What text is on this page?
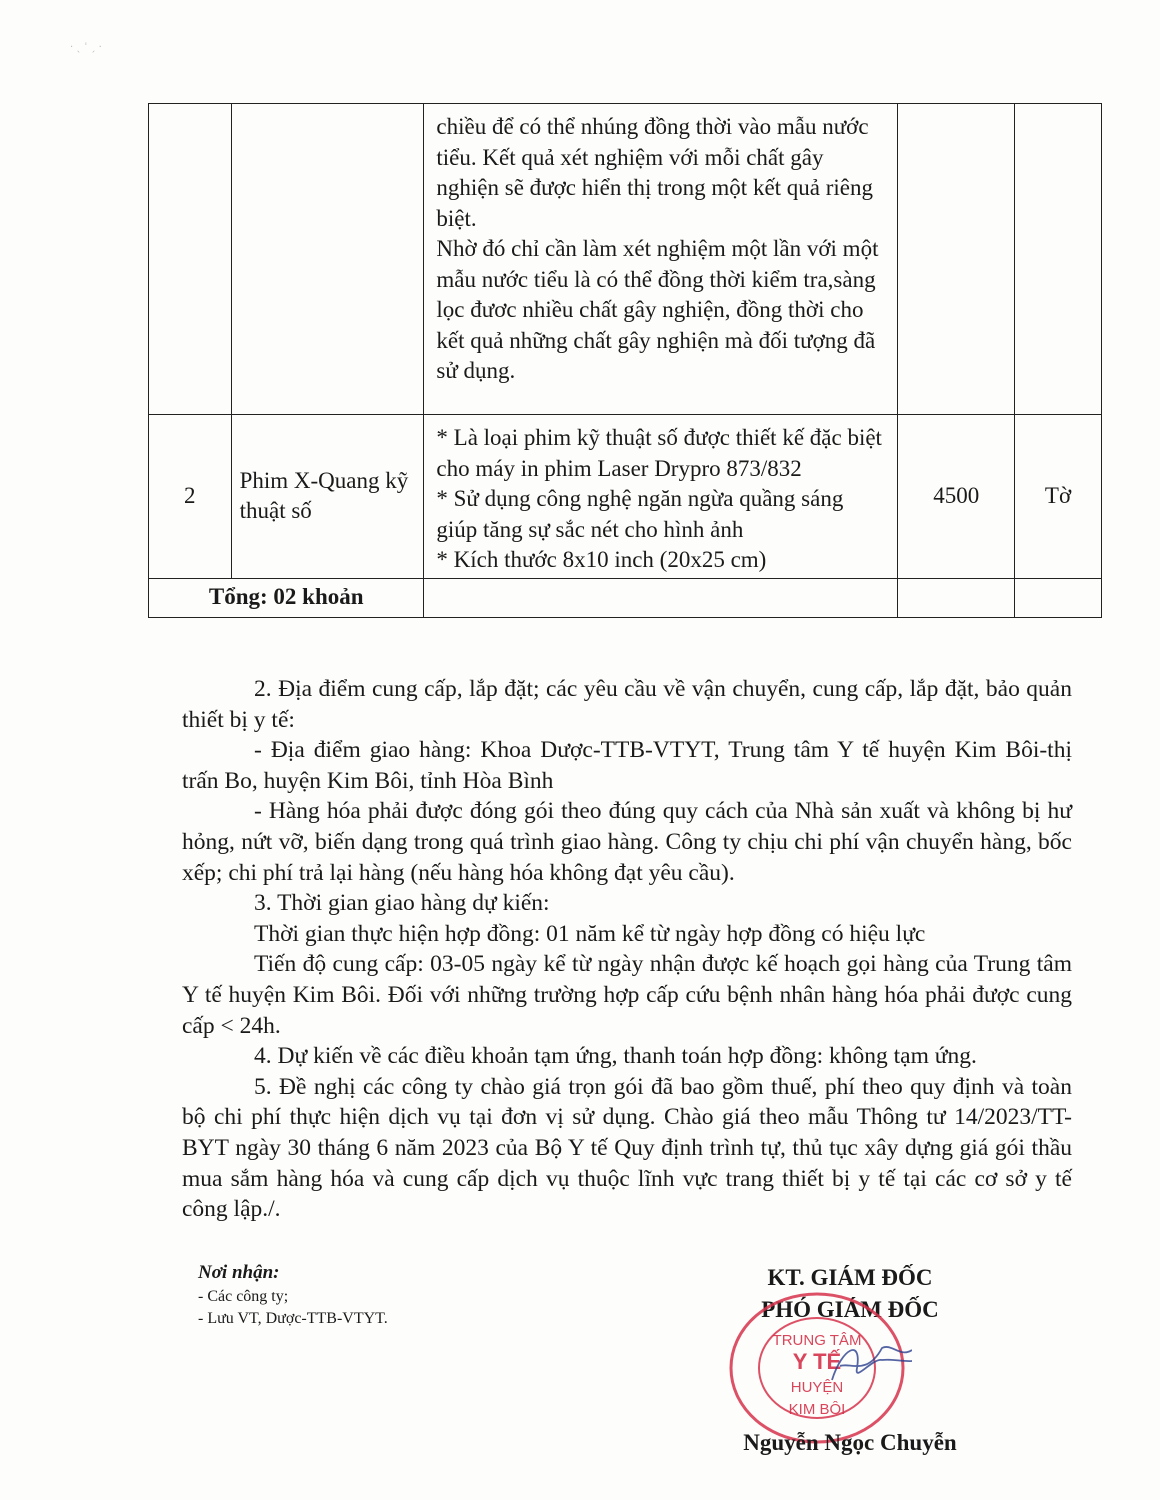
· ˎ ˈ ˏ ·

		chiều để có thể nhúng đồng thời vào mẫu nước tiểu. Kết quả xét nghiệm với mỗi chất gây nghiện sẽ được hiển thị trong một kết quả riêng biệt.

Nhờ đó chỉ cần làm xét nghiệm một lần với một mẫu nước tiểu là có thể đồng thời kiểm tra,sàng lọc đươc nhiều chất gây nghiện, đồng thời cho kết quả những chất gây nghiện mà đối tượng đã sử dụng.		

2	Phim X-Quang kỹ thuật số	* Là loại phim kỹ thuật số được thiết kế đặc biệt cho máy in phim Laser Drypro 873/832

* Sử dụng công nghệ ngăn ngừa quầng sáng giúp tăng sự sắc nét cho hình ảnh

* Kích thước 8x10 inch (20x25 cm)	4500	Tờ
Tổng: 02 khoản				

2. Địa điểm cung cấp, lắp đặt; các yêu cầu về vận chuyển, cung cấp, lắp đặt, bảo quản thiết bị y tế:

- Địa điểm giao hàng: Khoa Dược-TTB-VTYT, Trung tâm Y tế huyện Kim Bôi-thị trấn Bo, huyện Kim Bôi, tỉnh Hòa Bình

- Hàng hóa phải được đóng gói theo đúng quy cách của Nhà sản xuất và không bị hư hỏng, nứt vỡ, biến dạng trong quá trình giao hàng. Công ty chịu chi phí vận chuyển hàng, bốc xếp; chi phí trả lại hàng (nếu hàng hóa không đạt yêu cầu).

3. Thời gian giao hàng dự kiến:

Thời gian thực hiện hợp đồng: 01 năm kể từ ngày hợp đồng có hiệu lực

Tiến độ cung cấp: 03-05 ngày kể từ ngày nhận được kế hoạch gọi hàng của Trung tâm Y tế huyện Kim Bôi. Đối với những trường hợp cấp cứu bệnh nhân hàng hóa phải được cung cấp < 24h.

4. Dự kiến về các điều khoản tạm ứng, thanh toán hợp đồng: không tạm ứng.

5. Đề nghị các công ty chào giá trọn gói đã bao gồm thuế, phí theo quy định và toàn bộ chi phí thực hiện dịch vụ tại đơn vị sử dụng. Chào giá theo mẫu Thông tư 14/2023/TT-BYT ngày 30 tháng 6 năm 2023 của Bộ Y tế Quy định trình tự, thủ tục xây dựng giá gói thầu mua sắm hàng hóa và cung cấp dịch vụ thuộc lĩnh vực trang thiết bị y tế tại các cơ sở y tế công lập./.

Nơi nhận:
- Các công ty;
- Lưu VT, Dược-TTB-VTYT.
KT. GIÁM ĐỐC
PHÓ GIÁM ĐỐC
TRUNG TÂM
Y TẾ
HUYỆN
KIM BÔI
Nguyễn Ngọc Chuyễn
